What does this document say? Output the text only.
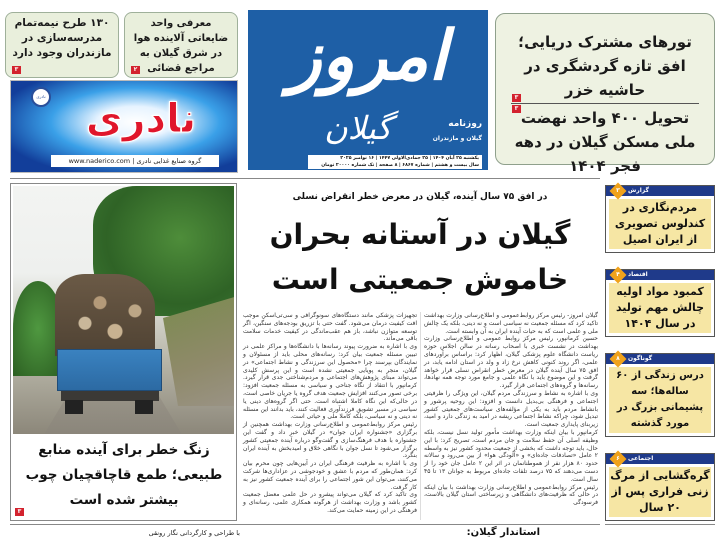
۱۳۰ طرح نیمه‌تمام مدرسه‌سازی در مازندران وجود دارد
۳
معرفی واحد ضایعاتی آلاینده هوا در شرق گیلان به مراجع قضائی
۲
نادری	نادری
گروه صنایع غذایی نادری | www.naderico.com
امروز
گیلان	روزنامه
گیلان و مازندران
یکشنبه ۲۵ آبان ۱۴۰۴ | ۲۵ جمادی‌الاولی ۱۴۴۷ | ۱۶ نوامبر ۲۰۲۵
سال بیست و هشتم | شماره ۶۸۶۷ | ۸ صفحه | تک شماره ۲۰۰۰۰ تومان
تورهای مشترک دریایی؛ افق تازه گردشگری در حاشیه خزر
۳
۳
تحویل ۴۰۰ واحد نهضت ملی مسکن گیلان در دهه فجر ۱۴۰۴
زنگ خطر برای آینده منابع طبیعی؛ طمع قاچاقچیان چوب بیشتر شده است
۳
در افق ۷۵ سال آینده، گیلان در معرض خطر انقراض نسلی
گیلان در آستانه بحران
خاموش جمعیتی است

گیلان امروز- رئیس مرکز روابط‌عمومی و اطلاع‌رسانی وزارت بهداشت تاکید کرد که مسئله جمعیت نه سیاسی است و نه دینی، بلکه یک چالش ملی و علمی است که به حیات آینده ایران به آن وابسته است.

حسین کرمانپور، رئیس مرکز روابط عمومی و اطلاع‌رسانی وزارت بهداشت در نشست خبری با اصحاب رسانه در سالن اجلاس حوزه ریاست دانشگاه علوم پزشکی گیلان، اظهار کرد: براساس برآوردهای علمی، اگر روند کنونی کاهش نرخ زاد و ولد در استان ادامه یابد، در افق ۷۵ سال آینده گیلان در معرض خطر انقراض نسلی قرار خواهد گرفت و این موضوع باید با نگاه علمی و جامع مورد توجه همه نهادها، رسانه‌ها و گروه‌های اجتماعی قرار گیرد.

وی با اشاره به نشاط و سرزندگی مردم گیلان، این ویژگی را ظرفیتی اجتماعی و فرهنگی بی‌بدیل دانست و افزود: این روحیه پرشور و بانشاط مردم باید به یکی از مؤلفه‌های سیاست‌های جمعیتی کشور تبدیل شود، چراکه نشاط اجتماعی ریشه در امید به زندگی دارد و امید، زیربنای پایداری جمعیت است.

کرمانپور با بیان اینکه وزارت بهداشت مأمور تولید نسل نیست، بلکه وظیفه اصلی آن حفظ سلامت و جان مردم است، تصریح کرد: با این حال، باید توجه داشت که بخشی از جمعیت محدود کشور نیز به واسطه ۲ عامل «تصادفات جاده‌ای» و «آلودگی هوا» از بین می‌رود و سالانه حدود ۸۰ هزار نفر از هموطنانمان در اثر این ۲ عامل جان خود را از دست می‌دهند که ۷۵ درصد تلفات جاده‌ای مربوط به جوانان ۱۳ تا ۴۵ سال است.

رئیس مرکز روابط‌عمومی و اطلاع‌رسانی وزارت بهداشت با بیان اینکه در حالی که ظرفیت‌های دانشگاهی و زیرساختی استان گیلان بالاست، فرسودگی

تجهیزات پزشکی مانند دستگاه‌های سونوگرافی و سی‌تی‌اسکن موجب افت کیفیت درمان می‌شود. گفت حتی با تزریق بودجه‌های سنگین، اگر توسعه متوازن نباشد، باز هم عقب‌ماندگی در کیفیت خدمات سلامت باقی می‌ماند.

وی با اشاره به ضرورت پیوند رسانه‌ها با دانشگاه‌ها و مراکز علمی در تبیین مسئله جمعیت بیان کرد: رسانه‌های محلی باید از مسئولان و نمایندگان بپرسند چرا «محصول این سرزندگی و نشاط اجتماعی» در گیلان، منجر به پویایی جمعیتی نشده است و این پرسش کلیدی می‌تواند مبنای پژوهش‌های اجتماعی و مردم‌شناختی جدی قرار گیرد. کرمانپور با انتقاد از نگاه جناحی و سیاسی به مسئله جمعیت افزود: برخی تصور می‌کنند افزایش جمعیت هدف گروه یا جریان خاصی است، در حالی‌که این نگاه کاملا اشتباه است. حتی اگر گروه‌های دینی یا سیاسی در مسیر تشویق فرزندآوری فعالیت کنند، باید بدانند این مسئله نه دینی و نه سیاسی، بلکه کاملا ملی و حیاتی است.

رئیس مرکز روابط‌عمومی و اطلاع‌رسانی وزارت بهداشت همچنین از برگزاری «جشنواره ایران جوان» در گیلان خبر داد و گفت این جشنواره با هدف فرهنگ‌سازی و گفت‌وگو درباره آینده جمعیتی کشور برگزار می‌شود تا نسل جوان با نگاهی خلاق و امیدبخش به آینده ایران بنگرد.

وی با اشاره به ظرفیت فرهنگی ایران در آیین‌هایی چون محرم بیان کرد: همان‌طور که مردم با عشق و خودجوشی در عزاداری‌ها شرکت می‌کنند، می‌توان این شور اجتماعی را برای آینده جمعیت کشور نیز به کار گرفت.

وی تاکید کرد که گیلان می‌تواند پیشرو در حل علمی معضل جمعیت کشور باشد و وزارت بهداشت از هرگونه همکاری علمی، رسانه‌ای و فرهنگی در این زمینه حمایت می‌کند.

۳	گزارش
مردم‌نگاری در کندلوس تصویری از ایران اصیل
۴	اقتصاد
کمبود مواد اولیه چالش مهم تولید در سال ۱۴۰۴
۸	گوناگون
درس زندگی از ۶۰ ساله‌ها؛ سه پشیمانی بزرگ در مورد گذشته
۶	اجتماعی
گره‌گشایی از مرگ زنی فراری پس از ۲۰ سال
با طراحی و کارگردانی نگار رونقی	استاندار گیلان:
